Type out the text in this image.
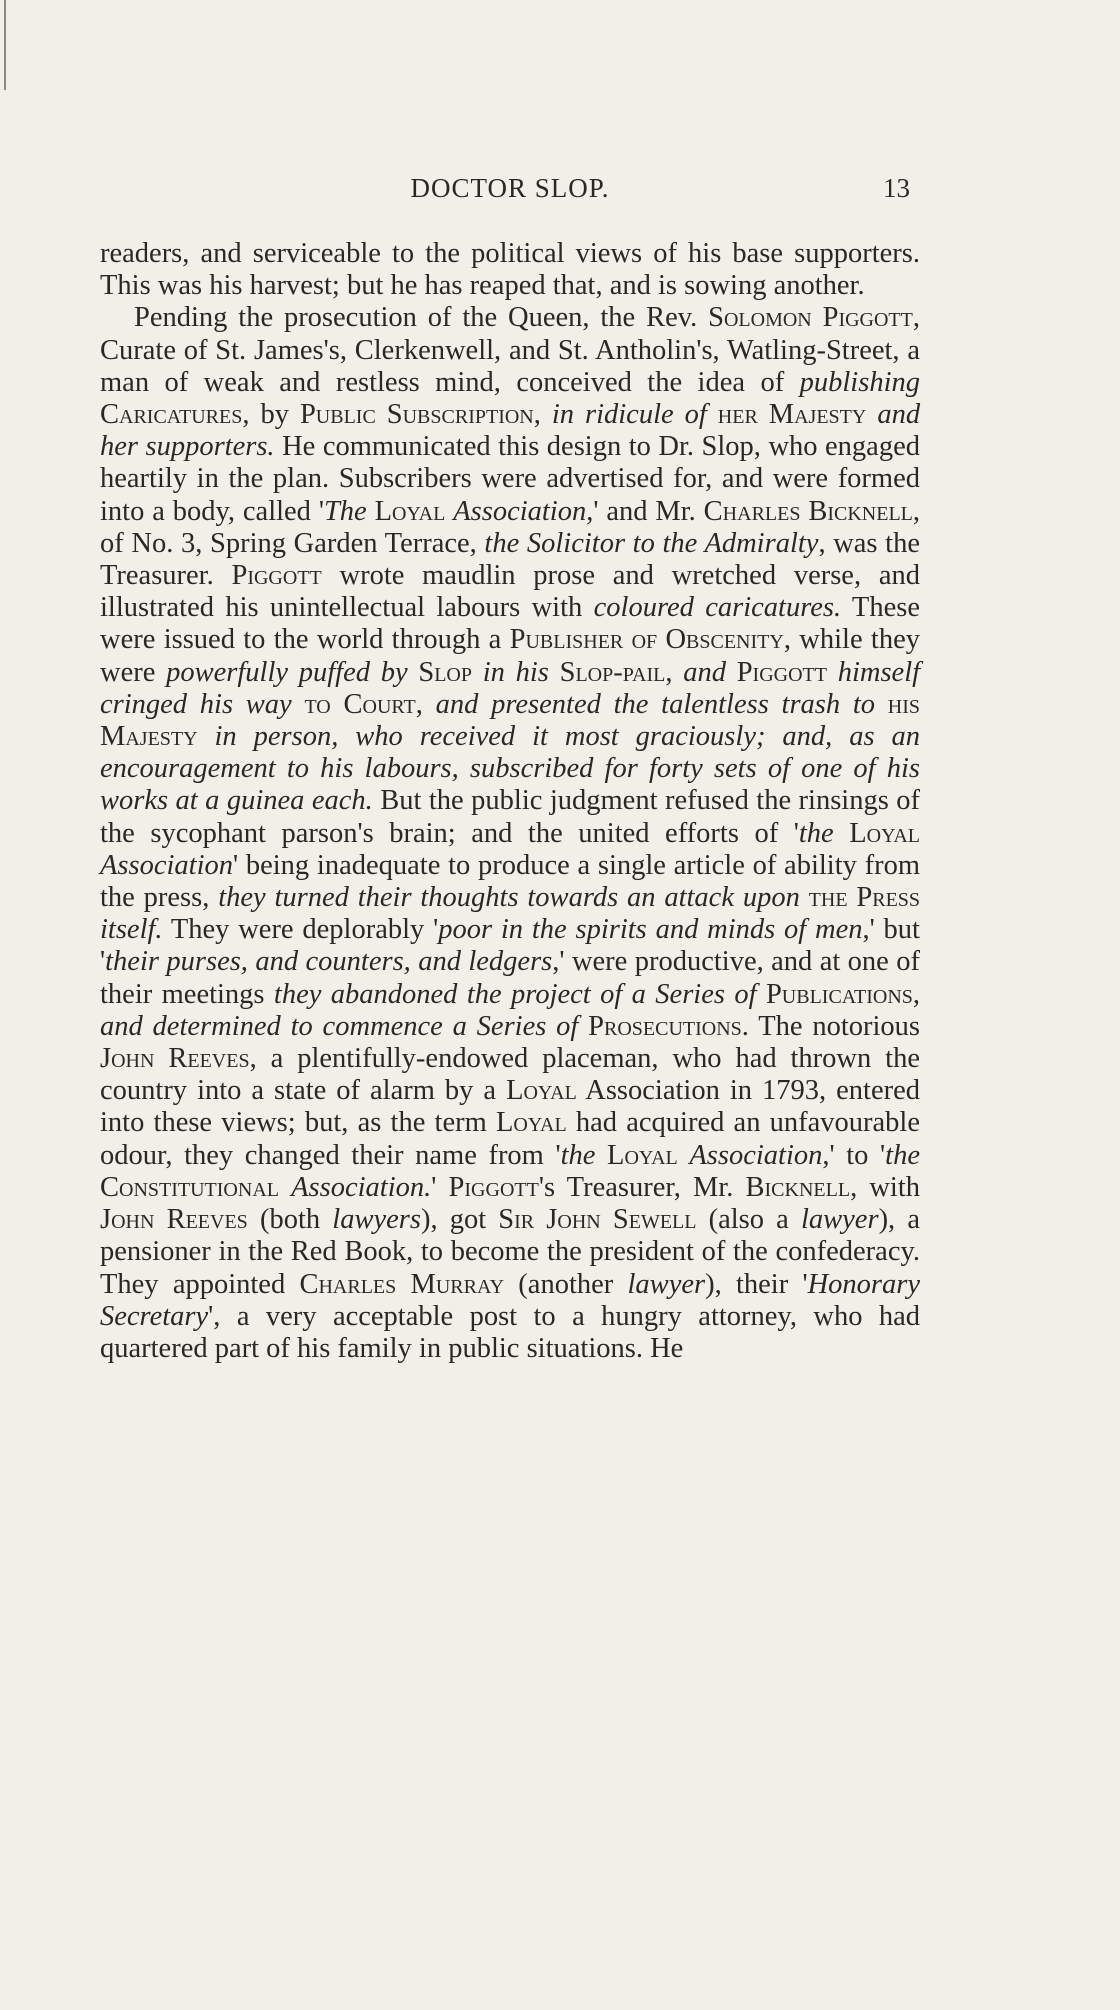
DOCTOR SLOP.	13

readers, and serviceable to the political views of his base supporters. This was his harvest; but he has reaped that, and is sowing another.

Pending the prosecution of the Queen, the Rev. Solomon Piggott, Curate of St. James's, Clerkenwell, and St. Antholin's, Watling-Street, a man of weak and restless mind, conceived the idea of publishing Caricatures, by Public Subscription, in ridicule of her Majesty and her supporters. He communicated this design to Dr. Slop, who engaged heartily in the plan. Subscribers were advertised for, and were formed into a body, called 'The Loyal Association,' and Mr. Charles Bicknell, of No. 3, Spring Garden Terrace, the Solicitor to the Admiralty, was the Treasurer. Piggott wrote maudlin prose and wretched verse, and illustrated his unintellectual labours with coloured caricatures. These were issued to the world through a Publisher of Obscenity, while they were powerfully puffed by Slop in his Slop-pail, and Piggott himself cringed his way to Court, and presented the talentless trash to his Majesty in person, who received it most graciously; and, as an encouragement to his labours, subscribed for forty sets of one of his works at a guinea each. But the public judgment refused the rinsings of the sycophant parson's brain; and the united efforts of 'the Loyal Association' being inadequate to produce a single article of ability from the press, they turned their thoughts towards an attack upon the Press itself. They were deplorably 'poor in the spirits and minds of men,' but 'their purses, and counters, and ledgers,' were productive, and at one of their meetings they abandoned the project of a Series of Publications, and determined to commence a Series of Prosecutions. The notorious John Reeves, a plentifully-endowed placeman, who had thrown the country into a state of alarm by a Loyal Association in 1793, entered into these views; but, as the term Loyal had acquired an unfavourable odour, they changed their name from 'the Loyal Association,' to 'the Constitutional Association.' Piggott's Treasurer, Mr. Bicknell, with John Reeves (both lawyers), got Sir John Sewell (also a lawyer), a pensioner in the Red Book, to become the president of the confederacy. They appointed Charles Murray (another lawyer), their 'Honorary Secretary', a very acceptable post to a hungry attorney, who had quartered part of his family in public situations. He
